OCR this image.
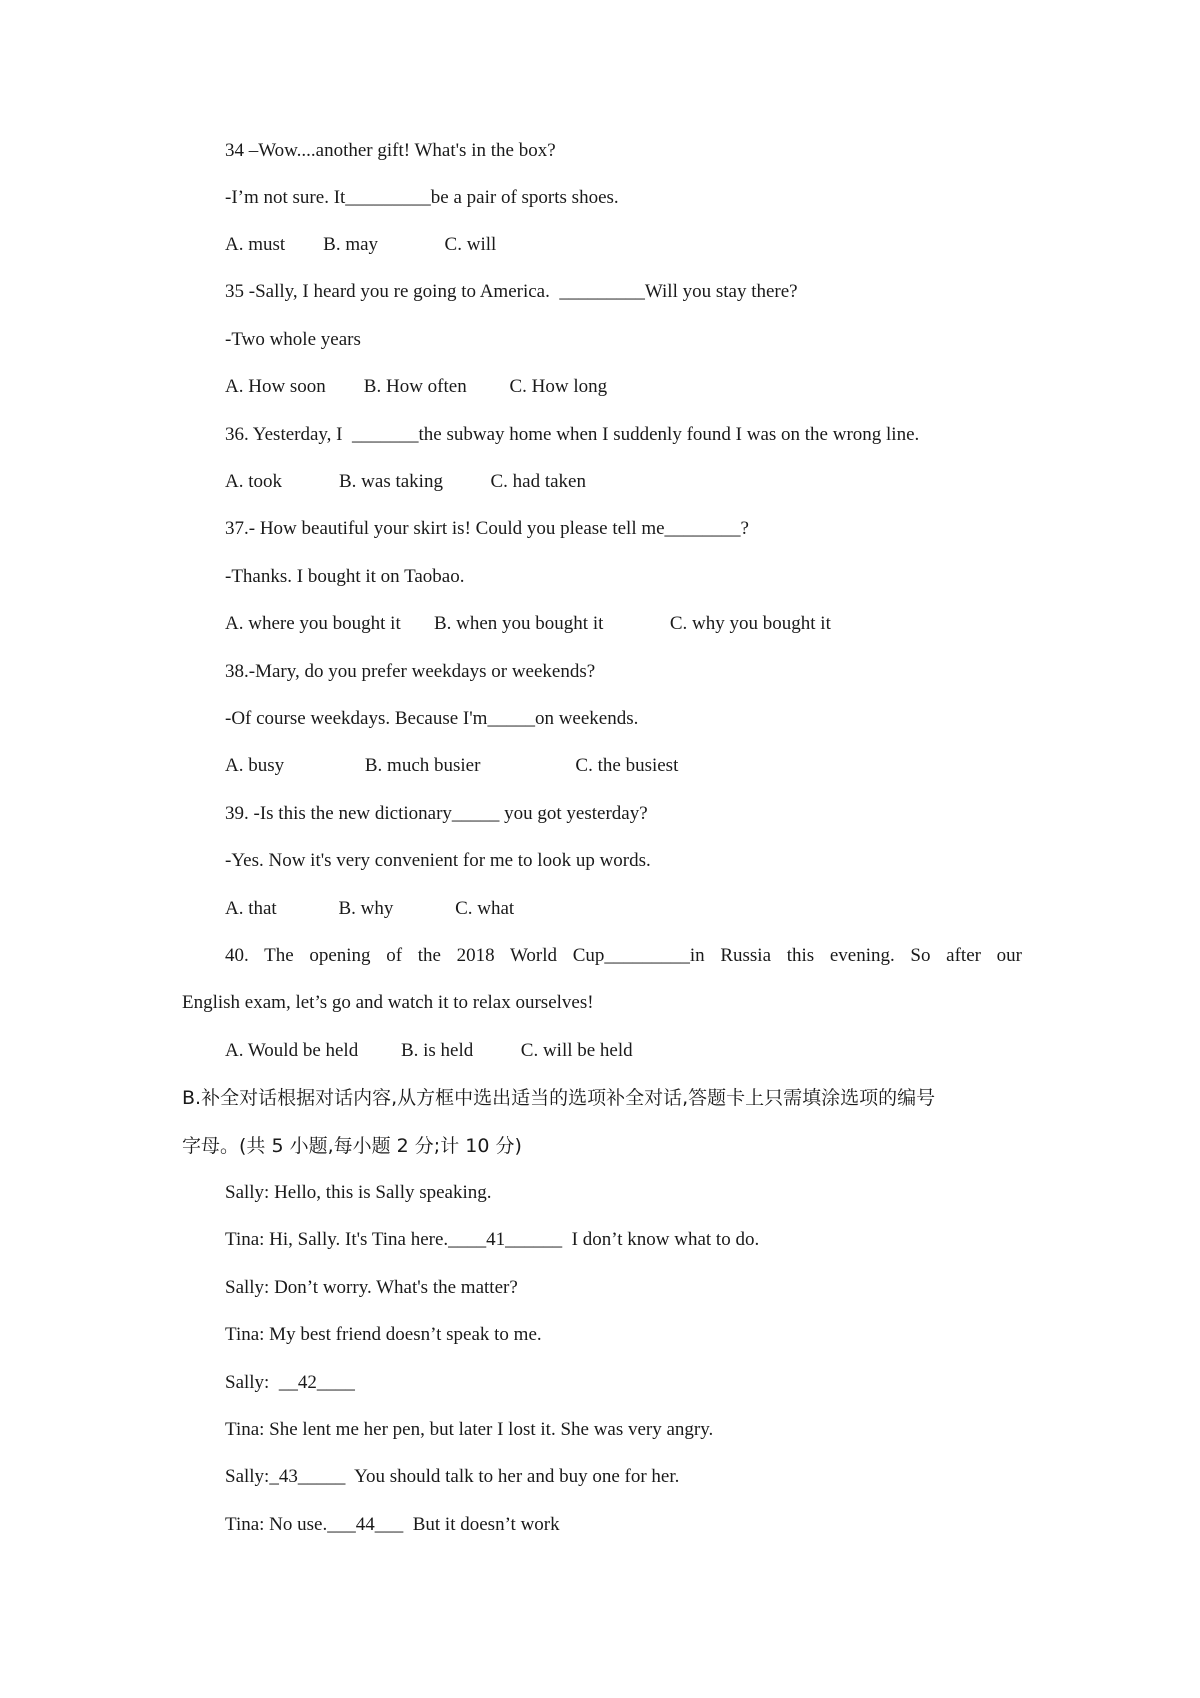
34 –Wow....another gift! What's in the box?
-I’m not sure. It_________be a pair of sports shoes.
A. must        B. may              C. will
35 -Sally, I heard you re going to America.  _________Will you stay there?
-Two whole years
A. How soon        B. How often         C. How long
36. Yesterday, I  _______the subway home when I suddenly found I was on the wrong line.
A. took            B. was taking          C. had taken
37.- How beautiful your skirt is! Could you please tell me________?
-Thanks. I bought it on Taobao.
A. where you bought it       B. when you bought it              C. why you bought it
38.-Mary, do you prefer weekdays or weekends?
-Of course weekdays. Because I'm_____on weekends.
A. busy                 B. much busier                    C. the busiest
39. -Is this the new dictionary_____ you got yesterday?
-Yes. Now it's very convenient for me to look up words.
A. that             B. why             C. what
40. The opening of the 2018 World Cup_________in Russia this evening. So after our
English exam, let’s go and watch it to relax ourselves!
A. Would be held         B. is held          C. will be held
B.补全对话根据对话内容,从方框中选出适当的选项补全对话,答题卡上只需填涂选项的编号
字母。(共 5 小题,每小题 2 分;计 10 分)
Sally: Hello, this is Sally speaking.
Tina: Hi, Sally. It's Tina here.____41______  I don’t know what to do.
Sally: Don’t worry. What's the matter?
Tina: My best friend doesn’t speak to me.
Sally:  __42____
Tina: She lent me her pen, but later I lost it. She was very angry.
Sally:_43_____  You should talk to her and buy one for her.
Tina: No use.___44___  But it doesn’t work
